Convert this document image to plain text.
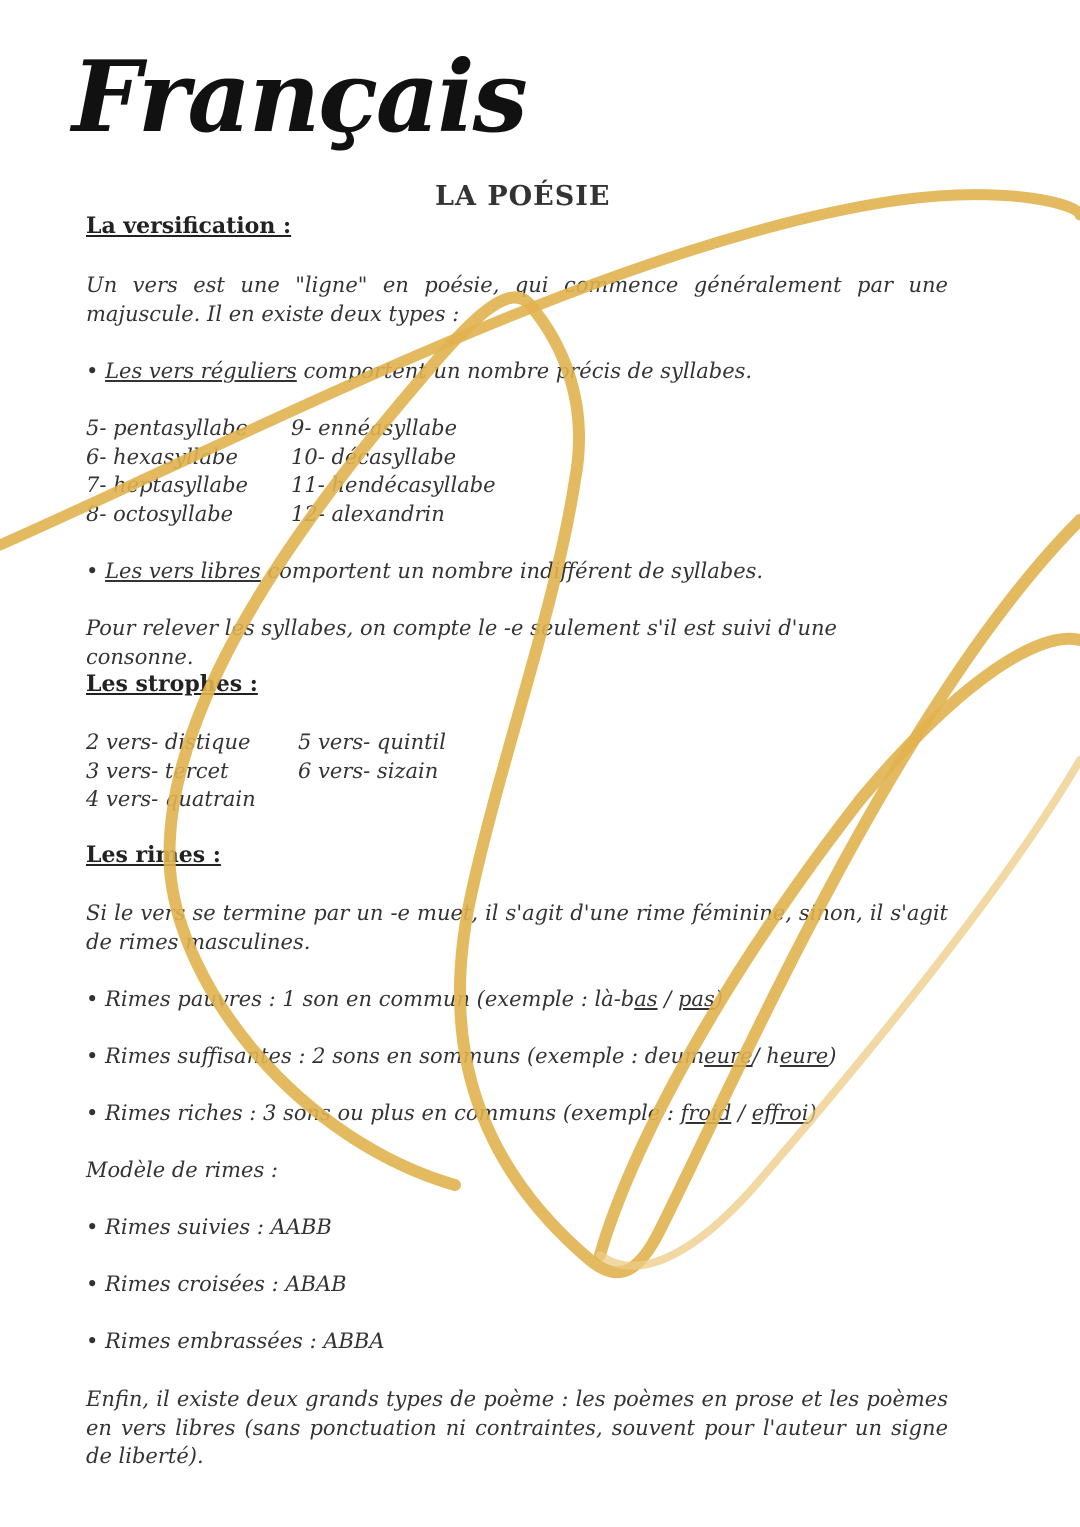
Français
LA POÉSIE
La versification :
Un vers est une "ligne" en poésie, qui commence généralement par une majuscule. Il en existe deux types :
• Les vers réguliers comportent un nombre précis de syllabes.
5- pentasyllabe
6- hexasyllabe
7- heptasyllabe
8- octosyllabe
9- ennéasyllabe
10- décasyllabe
11- hendécasyllabe
12- alexandrin
• Les vers libres comportent un nombre indifférent de syllabes.
Pour relever les syllabes, on compte le -e seulement s'il est suivi d'une consonne.
Les strophes :
2 vers- distique
3 vers- tercet
4 vers- quatrain
5 vers- quintil
6 vers- sizain
Les rimes :
Si le vers se termine par un -e muet, il s'agit d'une rime féminine, sinon, il s'agit de rimes masculines.
• Rimes pauvres : 1 son en commun (exemple : là-bas / pas)
• Rimes suffisantes : 2 sons en sommuns (exemple : deumeure/ heure)
• Rimes riches : 3 sons ou plus en communs (exemple : froid / effroi)
Modèle de rimes :
• Rimes suivies : AABB
• Rimes croisées : ABAB
• Rimes embrassées : ABBA
Enfin, il existe deux grands types de poème : les poèmes en prose et les poèmes en vers libres (sans ponctuation ni contraintes, souvent pour l'auteur un signe de liberté).
